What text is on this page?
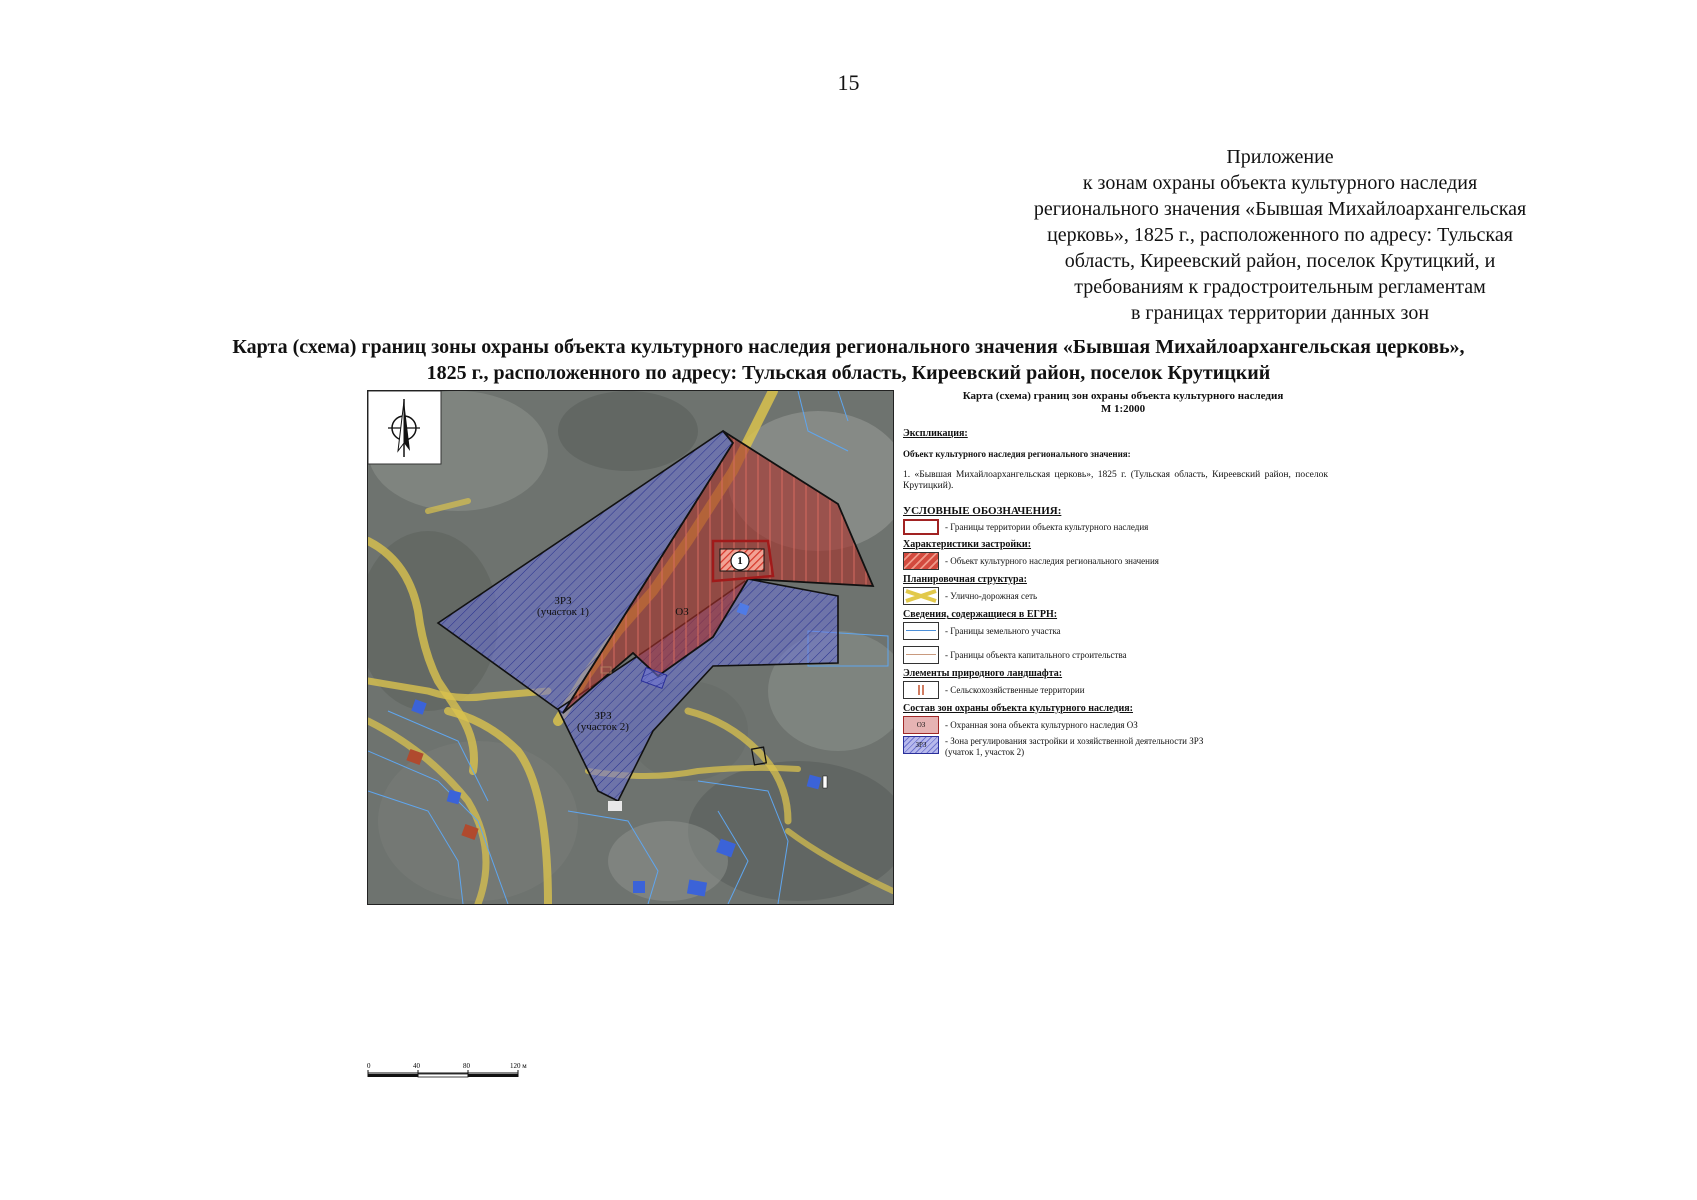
15
Приложение
к зонам охраны объекта культурного наследия
регионального значения «Бывшая Михайлоархангельская
церковь», 1825 г., расположенного по адресу: Тульская
область, Киреевский район, поселок Крутицкий, и
требованиям к градостроительным регламентам
в границах территории данных зон
Карта (схема) границ зоны охраны объекта культурного наследия регионального значения «Бывшая Михайлоархангельская церковь»,
1825 г., расположенного по адресу: Тульская область, Киреевский район, поселок Крутицкий
ЗРЗ
(участок 1)	ОЗ
ЗРЗ
(участок 2)
1
Карта (схема) границ зон охраны объекта культурного наследия
М 1:2000
Экспликация:
Объект культурного наследия регионального значения:
1. «Бывшая Михайлоархангельская церковь», 1825 г. (Тульская область, Киреевский район, поселок Крутицкий).
УСЛОВНЫЕ ОБОЗНАЧЕНИЯ:
- Границы территории объекта культурного наследия
Характеристики застройки:
- Объект культурного наследия регионального значения
Планировочная структура:
- Улично-дорожная сеть
Сведения, содержащиеся в ЕГРН:
- Границы земельного участка
- Границы объекта капитального строительства
Элементы природного ландшафта:
- Сельскохозяйственные территории
Состав зон охраны объекта культурного наследия:
ОЗ	- Охранная зона объекта культурного наследия ОЗ
ЗРЗ	- Зона регулирования застройки и хозяйственной деятельности ЗРЗ
(учаток 1, участок 2)
0	40	80	120 м
